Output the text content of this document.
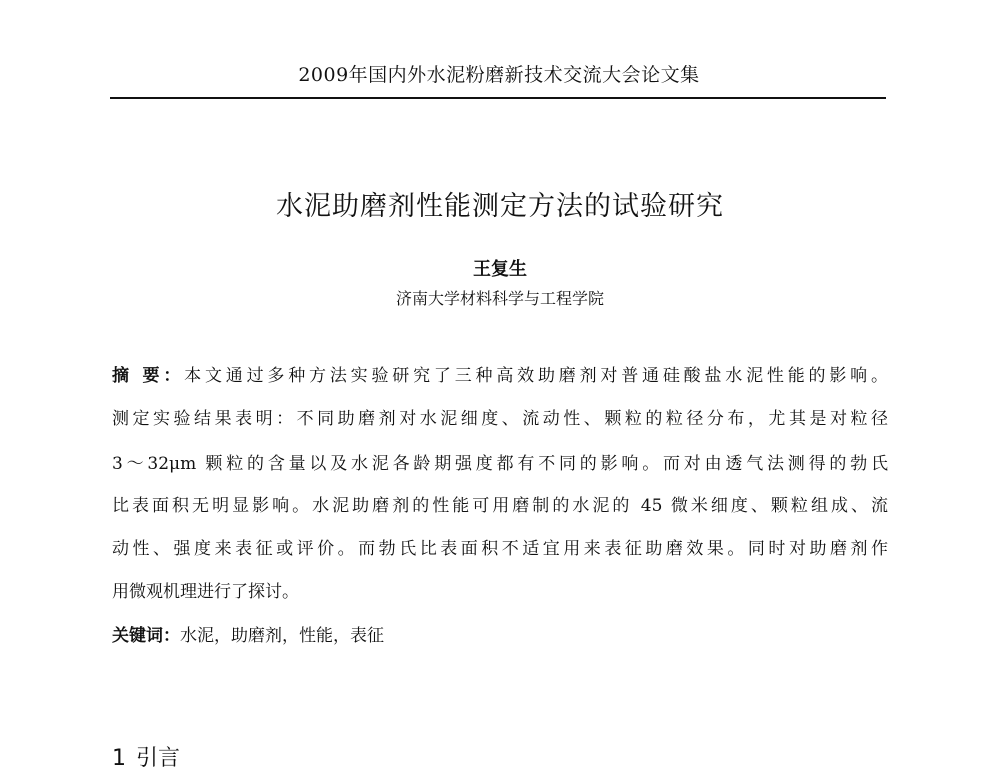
2009年国内外水泥粉磨新技术交流大会论文集
水泥助磨剂性能测定方法的试验研究
王复生
济南大学材料科学与工程学院
摘 要：本文通过多种方法实验研究了三种高效助磨剂对普通硅酸盐水泥性能的影响。
测定实验结果表明：不同助磨剂对水泥细度、流动性、颗粒的粒径分布，尤其是对粒径
3～32μm 颗粒的含量以及水泥各龄期强度都有不同的影响。而对由透气法测得的勃氏
比表面积无明显影响。水泥助磨剂的性能可用磨制的水泥的 45 微米细度、颗粒组成、流
动性、强度来表征或评价。而勃氏比表面积不适宜用来表征助磨效果。同时对助磨剂作
用微观机理进行了探讨。
关键词：水泥，助磨剂，性能，表征
1 引言
